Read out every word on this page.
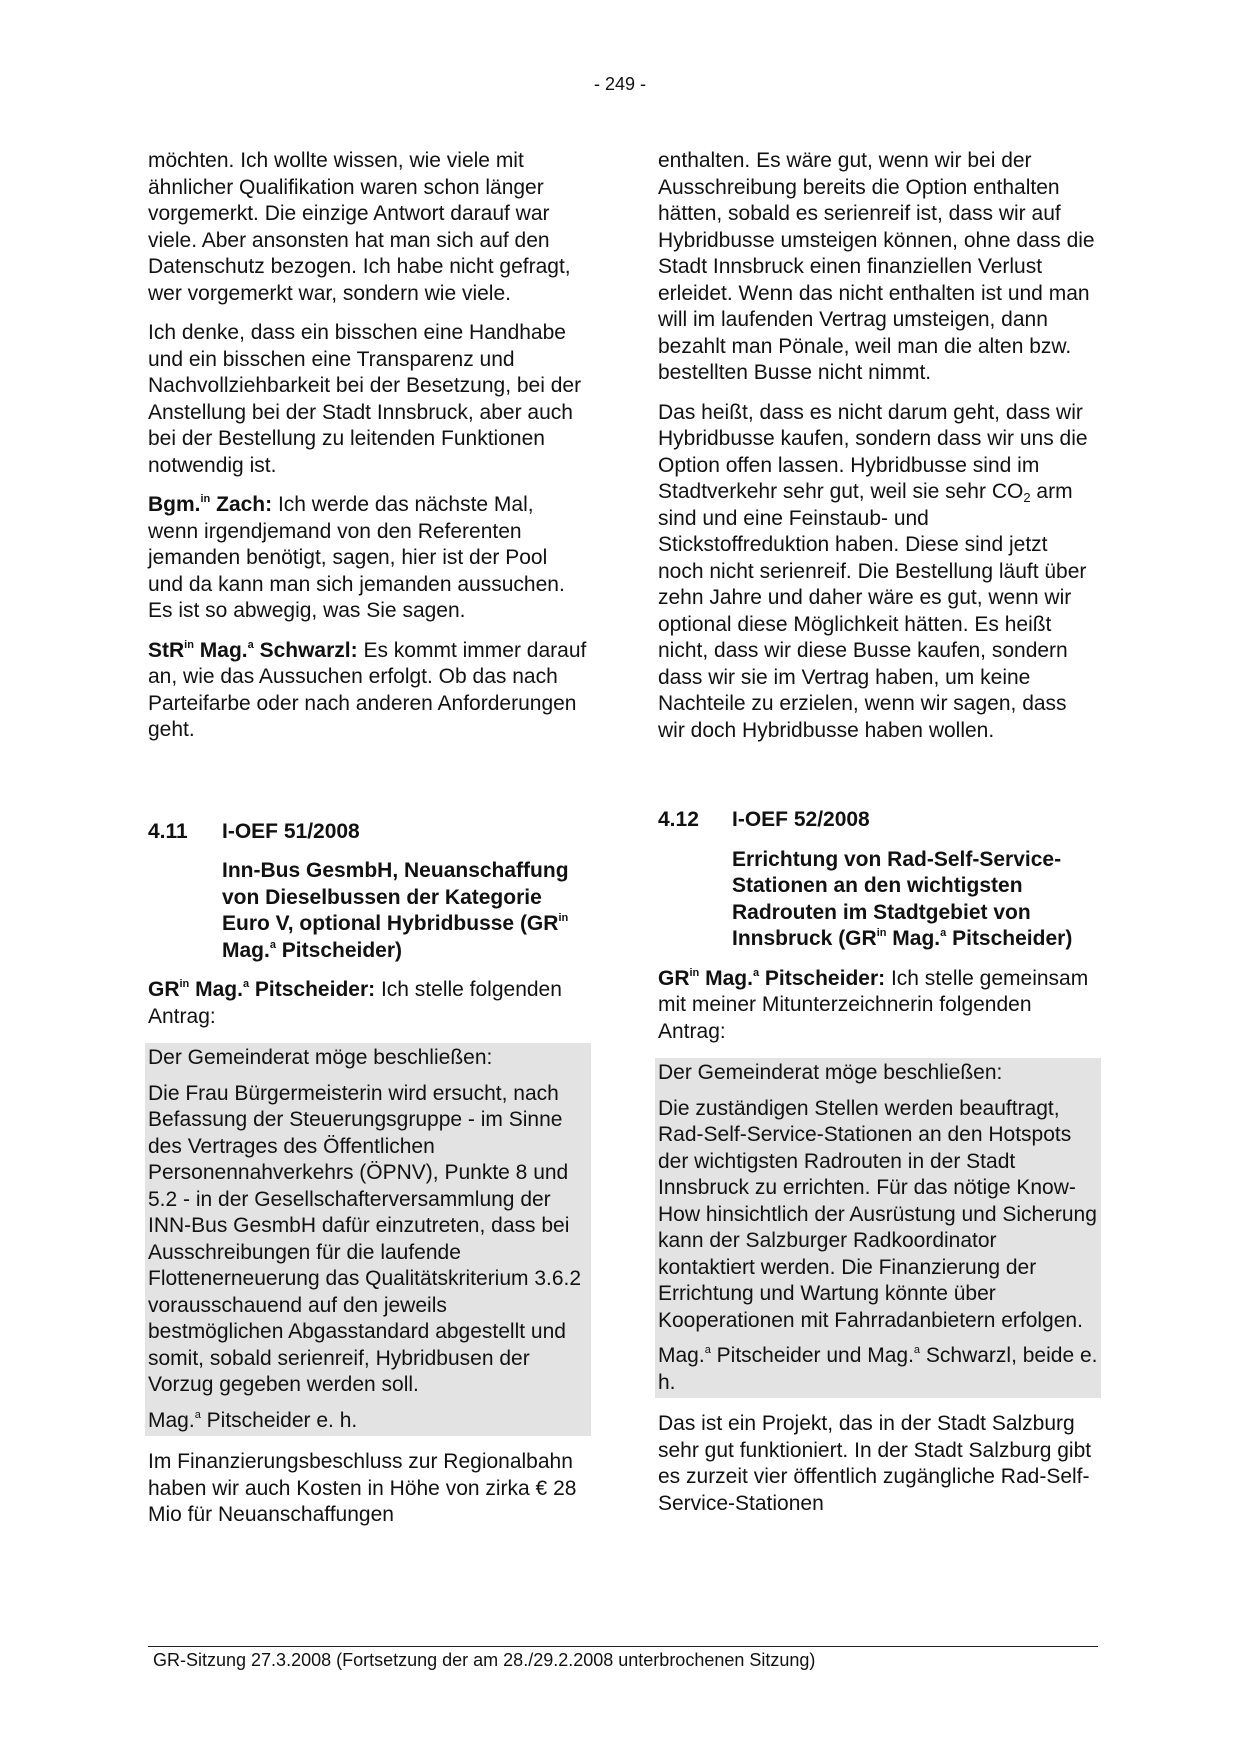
- 249 -

möchten. Ich wollte wissen, wie viele mit ähnlicher Qualifikation waren schon länger vorgemerkt. Die einzige Antwort darauf war viele. Aber ansonsten hat man sich auf den Datenschutz bezogen. Ich habe nicht gefragt, wer vorgemerkt war, sondern wie viele.

Ich denke, dass ein bisschen eine Handhabe und ein bisschen eine Transparenz und Nachvollziehbarkeit bei der Besetzung, bei der Anstellung bei der Stadt Innsbruck, aber auch bei der Bestellung zu leitenden Funktionen notwendig ist.

Bgm.$^{in}$ Zach: Ich werde das nächste Mal, wenn irgendjemand von den Referenten jemanden benötigt, sagen, hier ist der Pool und da kann man sich jemanden aussuchen. Es ist so abwegig, was Sie sagen.

StR$^{in}$ Mag.$^a$ Schwarzl: Es kommt immer darauf an, wie das Aussuchen erfolgt. Ob das nach Parteifarbe oder nach anderen Anforderungen geht.

4.11	I-OEF 51/2008
Inn-Bus GesmbH, Neuanschaffung von Dieselbussen der Kategorie Euro V, optional Hybridbusse ($GR^{in}$ Mag.$^a$ Pitscheider)

$GR^{in}$ Mag.$^a$ Pitscheider: Ich stelle folgenden Antrag:

Der Gemeinderat möge beschließen:

Die Frau Bürgermeisterin wird ersucht, nach Befassung der Steuerungsgruppe - im Sinne des Vertrages des Öffentlichen Personennahverkehrs (ÖPNV), Punkte 8 und 5.2 - in der Gesellschafterversammlung der INN-Bus GesmbH dafür einzutreten, dass bei Ausschreibungen für die laufende Flottenerneuerung das Qualitätskriterium 3.6.2 vorausschauend auf den jeweils bestmöglichen Abgasstandard abgestellt und somit, sobald serienreif, Hybridbusen der Vorzug gegeben werden soll.

Mag.$^a$ Pitscheider e. h.

Im Finanzierungsbeschluss zur Regionalbahn haben wir auch Kosten in Höhe von zirka € 28 Mio für Neuanschaffungen

enthalten. Es wäre gut, wenn wir bei der Ausschreibung bereits die Option enthalten hätten, sobald es serienreif ist, dass wir auf Hybridbusse umsteigen können, ohne dass die Stadt Innsbruck einen finanziellen Verlust erleidet. Wenn das nicht enthalten ist und man will im laufenden Vertrag umsteigen, dann bezahlt man Pönale, weil man die alten bzw. bestellten Busse nicht nimmt.

Das heißt, dass es nicht darum geht, dass wir Hybridbusse kaufen, sondern dass wir uns die Option offen lassen. Hybridbusse sind im Stadtverkehr sehr gut, weil sie sehr $CO_2$ arm sind und eine Feinstaub- und Stickstoffreduktion haben. Diese sind jetzt noch nicht serienreif. Die Bestellung läuft über zehn Jahre und daher wäre es gut, wenn wir optional diese Möglichkeit hätten. Es heißt nicht, dass wir diese Busse kaufen, sondern dass wir sie im Vertrag haben, um keine Nachteile zu erzielen, wenn wir sagen, dass wir doch Hybridbusse haben wollen.

4.12	I-OEF 52/2008
Errichtung von Rad-Self-Service-Stationen an den wichtigsten Radrouten im Stadtgebiet von Innsbruck ($GR^{in}$ Mag.$^a$ Pitscheider)

$GR^{in}$ Mag.$^a$ Pitscheider: Ich stelle gemeinsam mit meiner Mitunterzeichnerin folgenden Antrag:

Der Gemeinderat möge beschließen:

Die zuständigen Stellen werden beauftragt, Rad-Self-Service-Stationen an den Hotspots der wichtigsten Radrouten in der Stadt Innsbruck zu errichten. Für das nötige Know-How hinsichtlich der Ausrüstung und Sicherung kann der Salzburger Radkoordinator kontaktiert werden. Die Finanzierung der Errichtung und Wartung könnte über Kooperationen mit Fahrradanbietern erfolgen.

Mag.$^a$ Pitscheider und Mag.$^a$ Schwarzl, beide e. h.

Das ist ein Projekt, das in der Stadt Salzburg sehr gut funktioniert. In der Stadt Salzburg gibt es zurzeit vier öffentlich zugängliche Rad-Self-Service-Stationen

GR-Sitzung 27.3.2008 (Fortsetzung der am 28./29.2.2008 unterbrochenen Sitzung)
